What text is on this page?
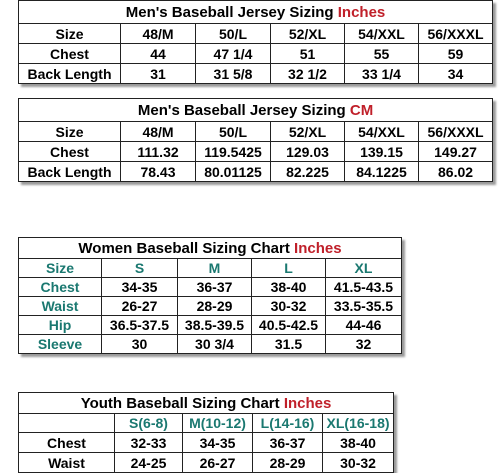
Men's Baseball Jersey Sizing Inches					
Size	48/M	50/L	52/XL	54/XXL	56/XXXL
Chest	44	47 1/4	51	55	59
Back Length	31	31 5/8	32 1/2	33 1/4	34
Men's Baseball Jersey Sizing CM					
Size	48/M	50/L	52/XL	54/XXL	56/XXXL
Chest	111.32	119.5425	129.03	139.15	149.27
Back Length	78.43	80.01125	82.225	84.1225	86.02
Women Baseball Sizing Chart Inches				
Size	S	M	L	XL
Chest	34-35	36-37	38-40	41.5-43.5
Waist	26-27	28-29	30-32	33.5-35.5
Hip	36.5-37.5	38.5-39.5	40.5-42.5	44-46
Sleeve	30	30 3/4	31.5	32
Youth Baseball Sizing Chart Inches				
	S(6-8)	M(10-12)	L(14-16)	XL(16-18)
Chest	32-33	34-35	36-37	38-40
Waist	24-25	26-27	28-29	30-32
